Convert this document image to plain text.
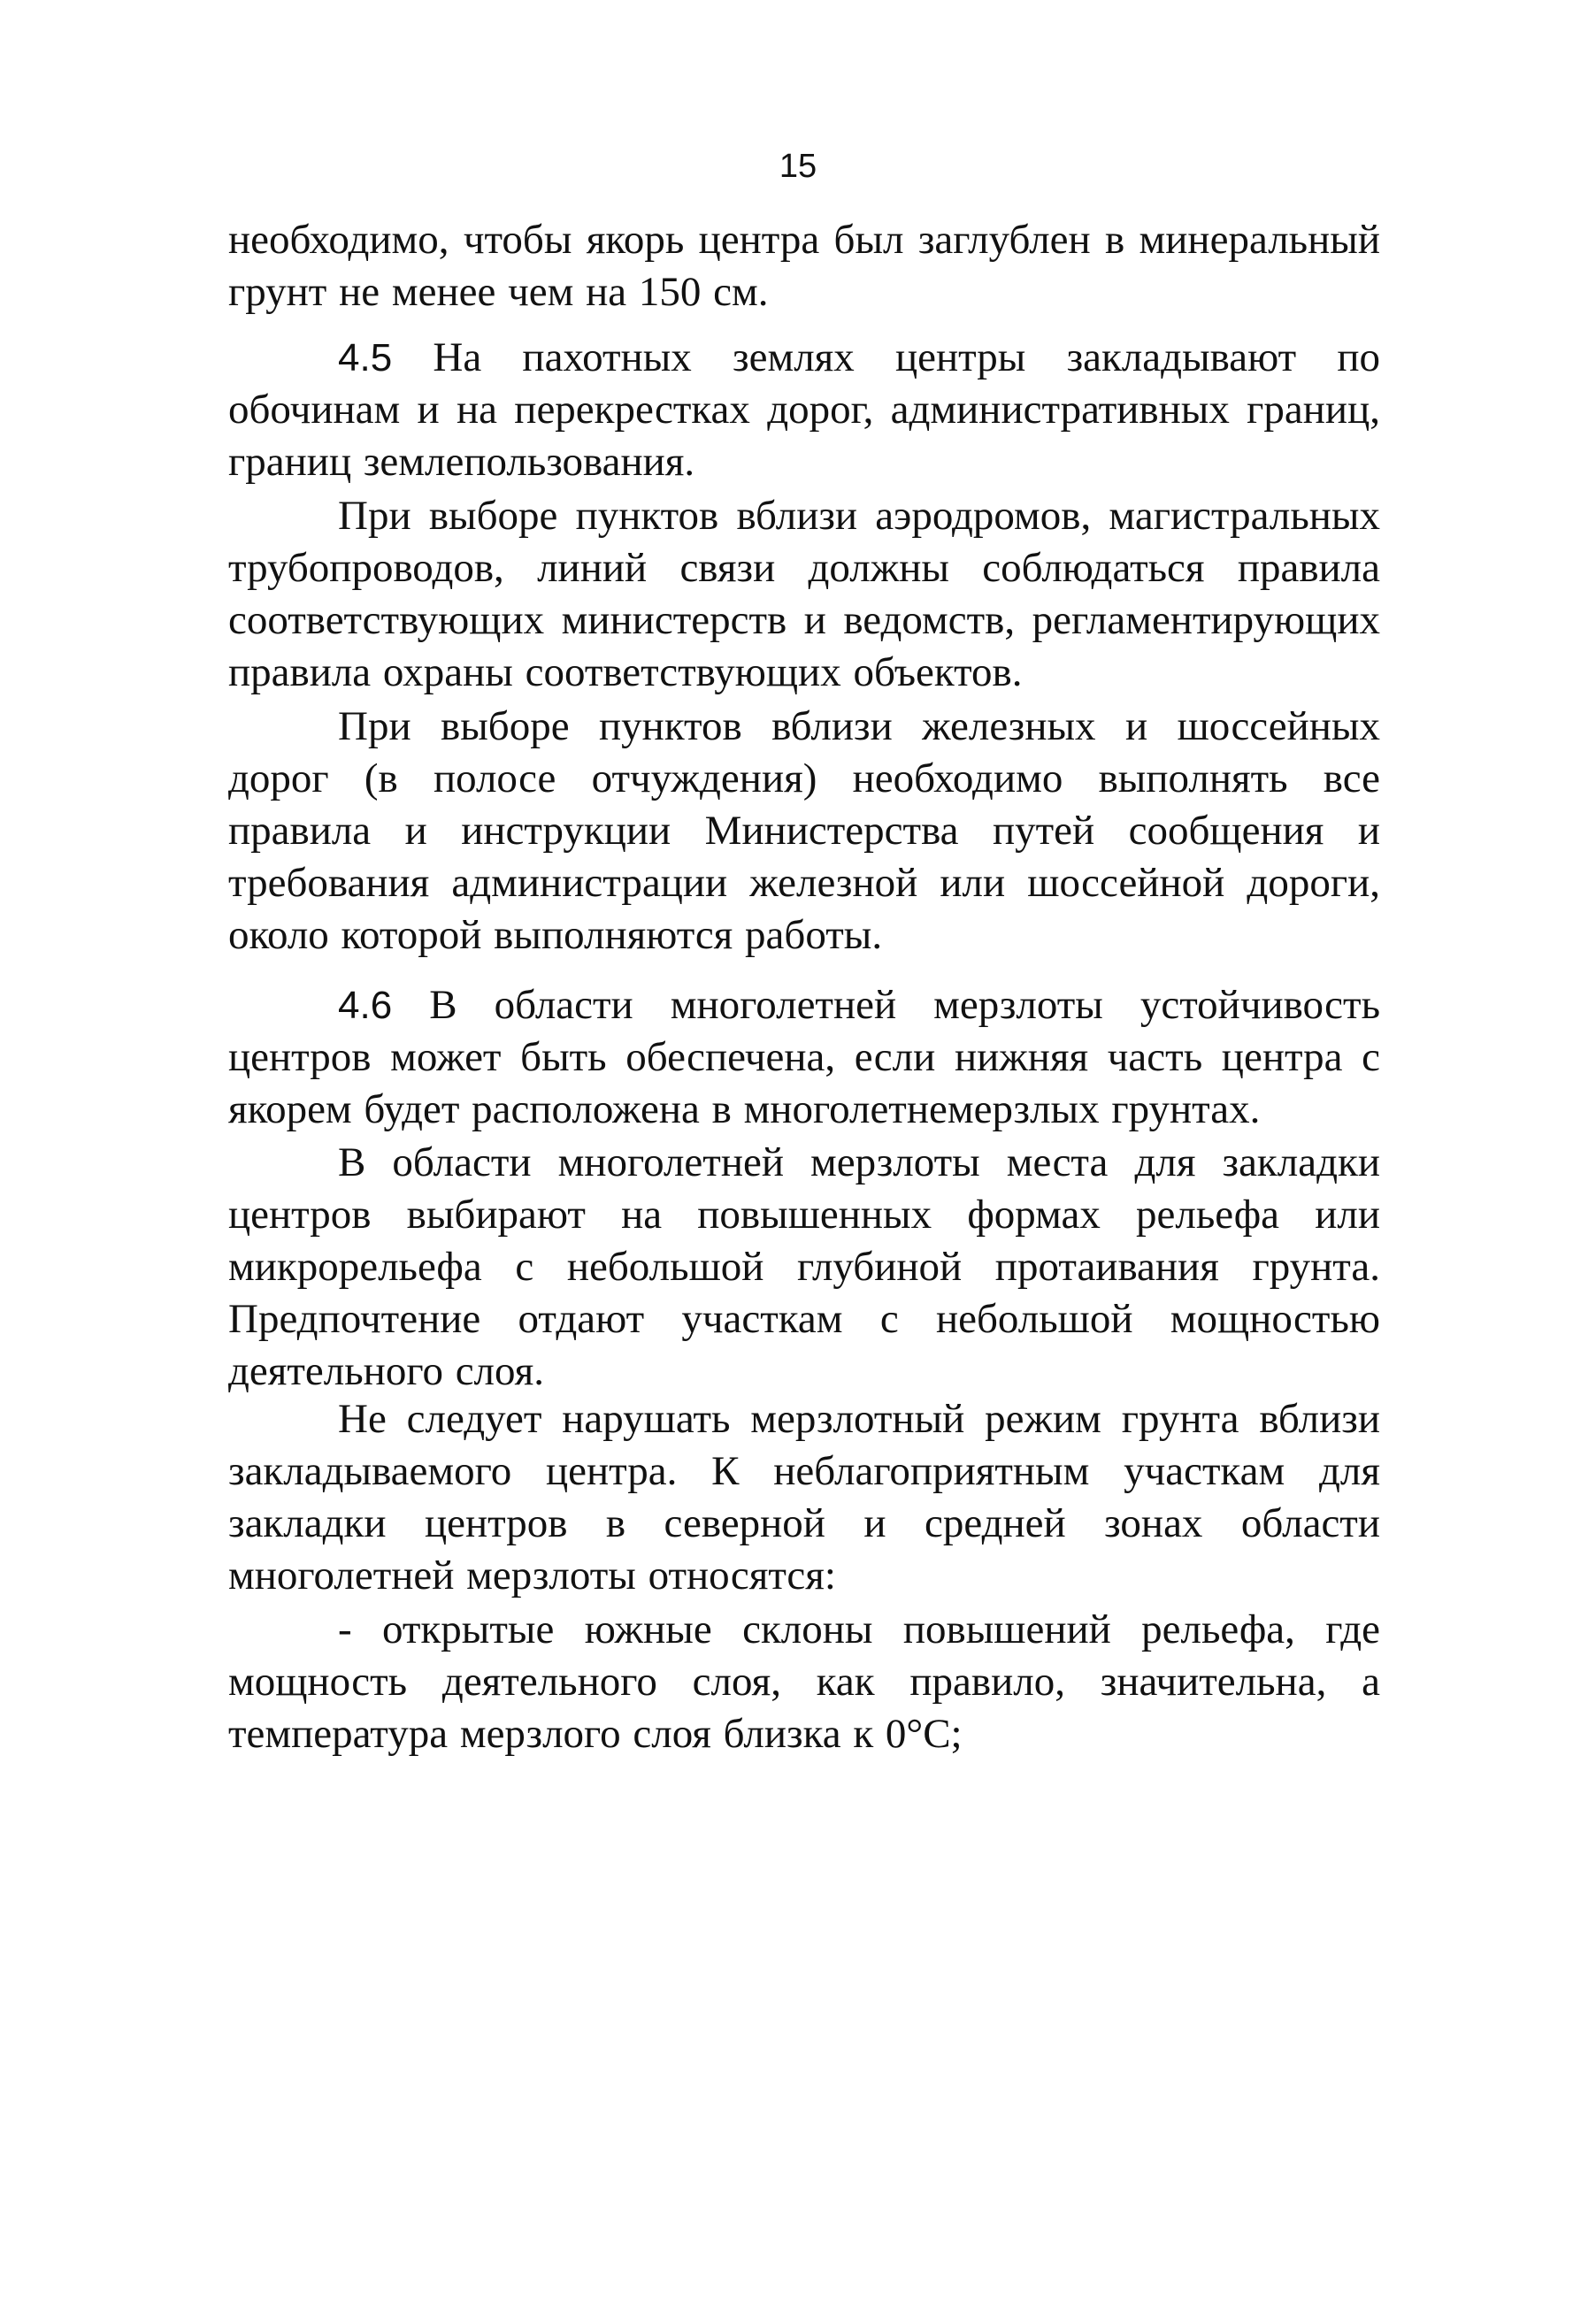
15

необходимо, чтобы якорь центра был заглублен в минеральный грунт не менее чем на 150 см.

4.5 На пахотных землях центры закладывают по обочинам и на перекрестках дорог, административных границ, границ землепользования.

При выборе пунктов вблизи аэродромов, магистральных трубопроводов, линий связи должны соблюдаться правила соответствующих министерств и ведомств, регламентирующих правила охраны соответствующих объектов.

При выборе пунктов вблизи железных и шоссейных дорог (в полосе отчуждения) необходимо выполнять все правила и инструкции Министерства путей сообщения и требования администрации железной или шоссейной дороги, около которой выполняются работы.

4.6 В области многолетней мерзлоты устойчивость центров может быть обеспечена, если нижняя часть центра с якорем будет расположена в многолетнемерзлых грунтах.

В области многолетней мерзлоты места для закладки центров выбирают на повышенных формах рельефа или микрорельефа с небольшой глубиной протаивания грунта. Предпочтение отдают участкам с небольшой мощностью деятельного слоя.

Не следует нарушать мерзлотный режим грунта вблизи закладываемого центра. К неблагоприятным участкам для закладки центров в северной и средней зонах области многолетней мерзлоты относятся:

- открытые южные склоны повышений рельефа, где мощность деятельного слоя, как правило, значительна, а температура мерзлого слоя близка к 0°С;
